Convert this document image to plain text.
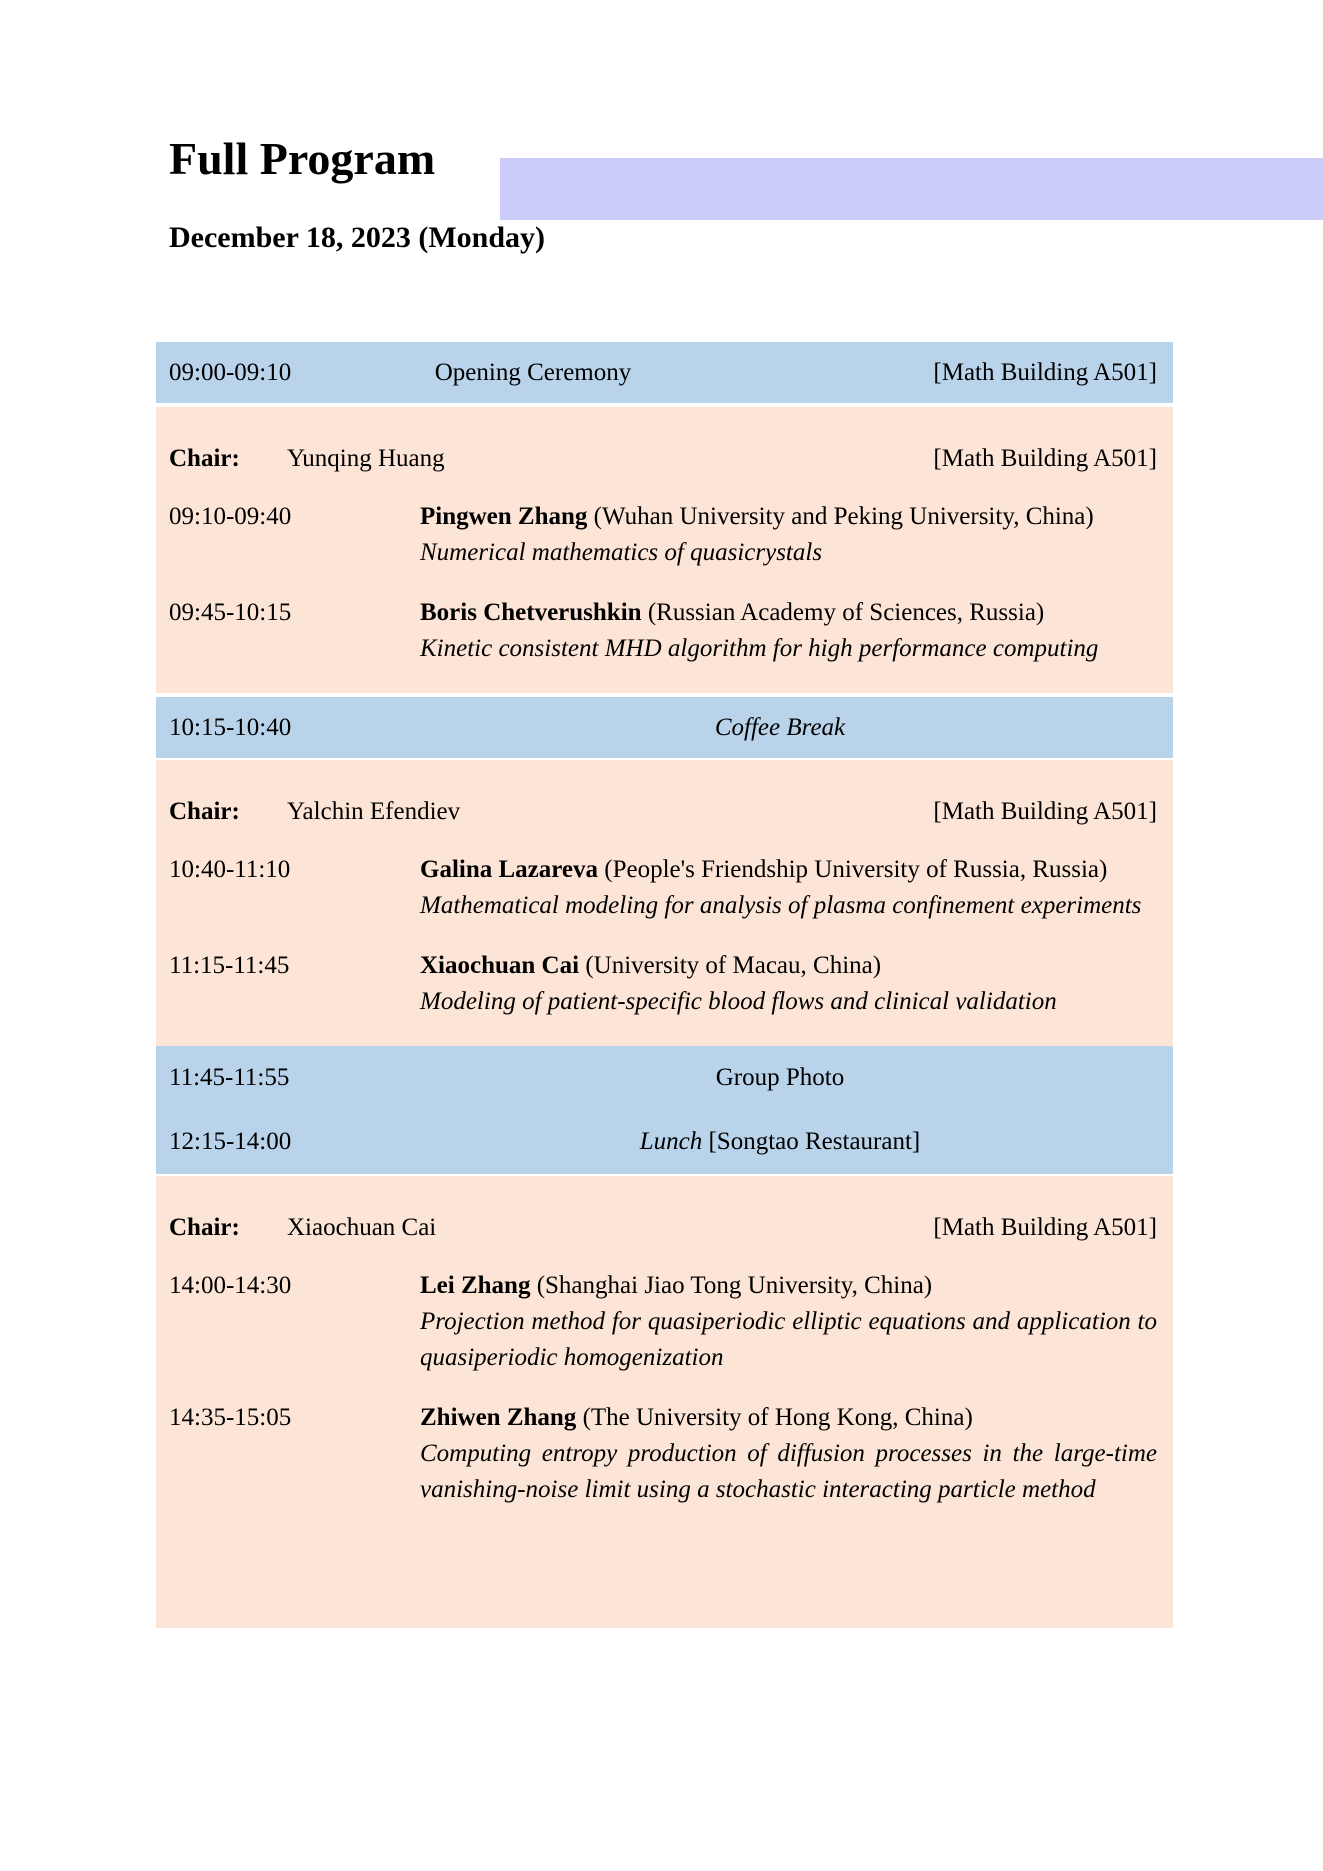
Full Program
December 18, 2023 (Monday)
09:00-09:10	Opening Ceremony	[Math Building A501]
Chair:	Yunqing Huang	[Math Building A501]
09:10-09:40	Pingwen Zhang (Wuhan University and Peking University, China)
Numerical mathematics of quasicrystals
09:45-10:15	Boris Chetverushkin (Russian Academy of Sciences, Russia)
Kinetic consistent MHD algorithm for high performance computing
10:15-10:40	Coffee Break
Chair:	Yalchin Efendiev	[Math Building A501]
10:40-11:10	Galina Lazareva (People's Friendship University of Russia, Russia)
Mathematical modeling for analysis of plasma confinement experiments
11:15-11:45	Xiaochuan Cai (University of Macau, China)
Modeling of patient-specific blood flows and clinical validation
11:45-11:55	Group Photo
12:15-14:00	Lunch [Songtao Restaurant]
Chair:	Xiaochuan Cai	[Math Building A501]
14:00-14:30	Lei Zhang (Shanghai Jiao Tong University, China)
Projection method for quasiperiodic elliptic equations and application to quasiperiodic homogenization
14:35-15:05	Zhiwen Zhang (The University of Hong Kong, China)
Computing entropy production of diffusion processes in the large-time vanishing-noise limit using a stochastic interacting particle method
